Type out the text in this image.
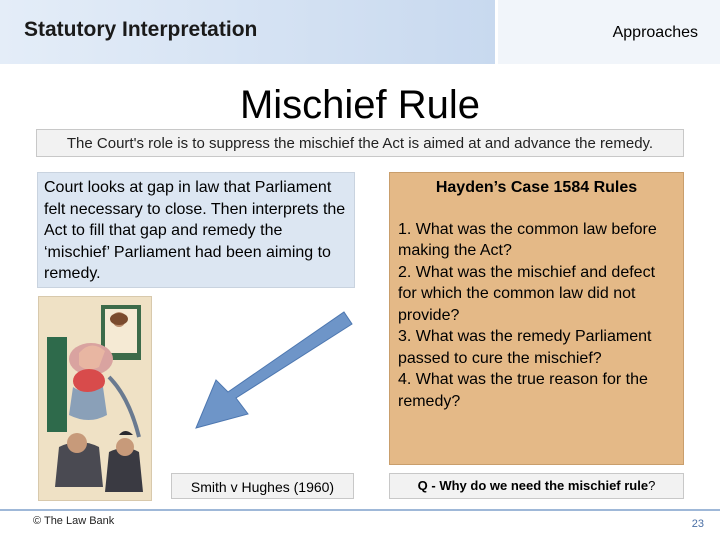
Statutory Interpretation	Approaches
Mischief Rule
The Court's role is to suppress the mischief the Act is aimed at and advance the remedy.
Court looks at gap in law that Parliament felt necessary to close. Then interprets the Act to fill that gap and remedy the ‘mischief’ Parliament had been aiming to remedy.
Hayden’s Case 1584 Rules
1. What was the common law before making the Act?
2. What was the mischief and defect for which the common law did not provide?
3. What was the remedy Parliament passed to cure the mischief?
4. What was the true reason for the remedy?
Smith v Hughes (1960)	Q - Why do we need the mischief rule?
© The Law Bank	23
